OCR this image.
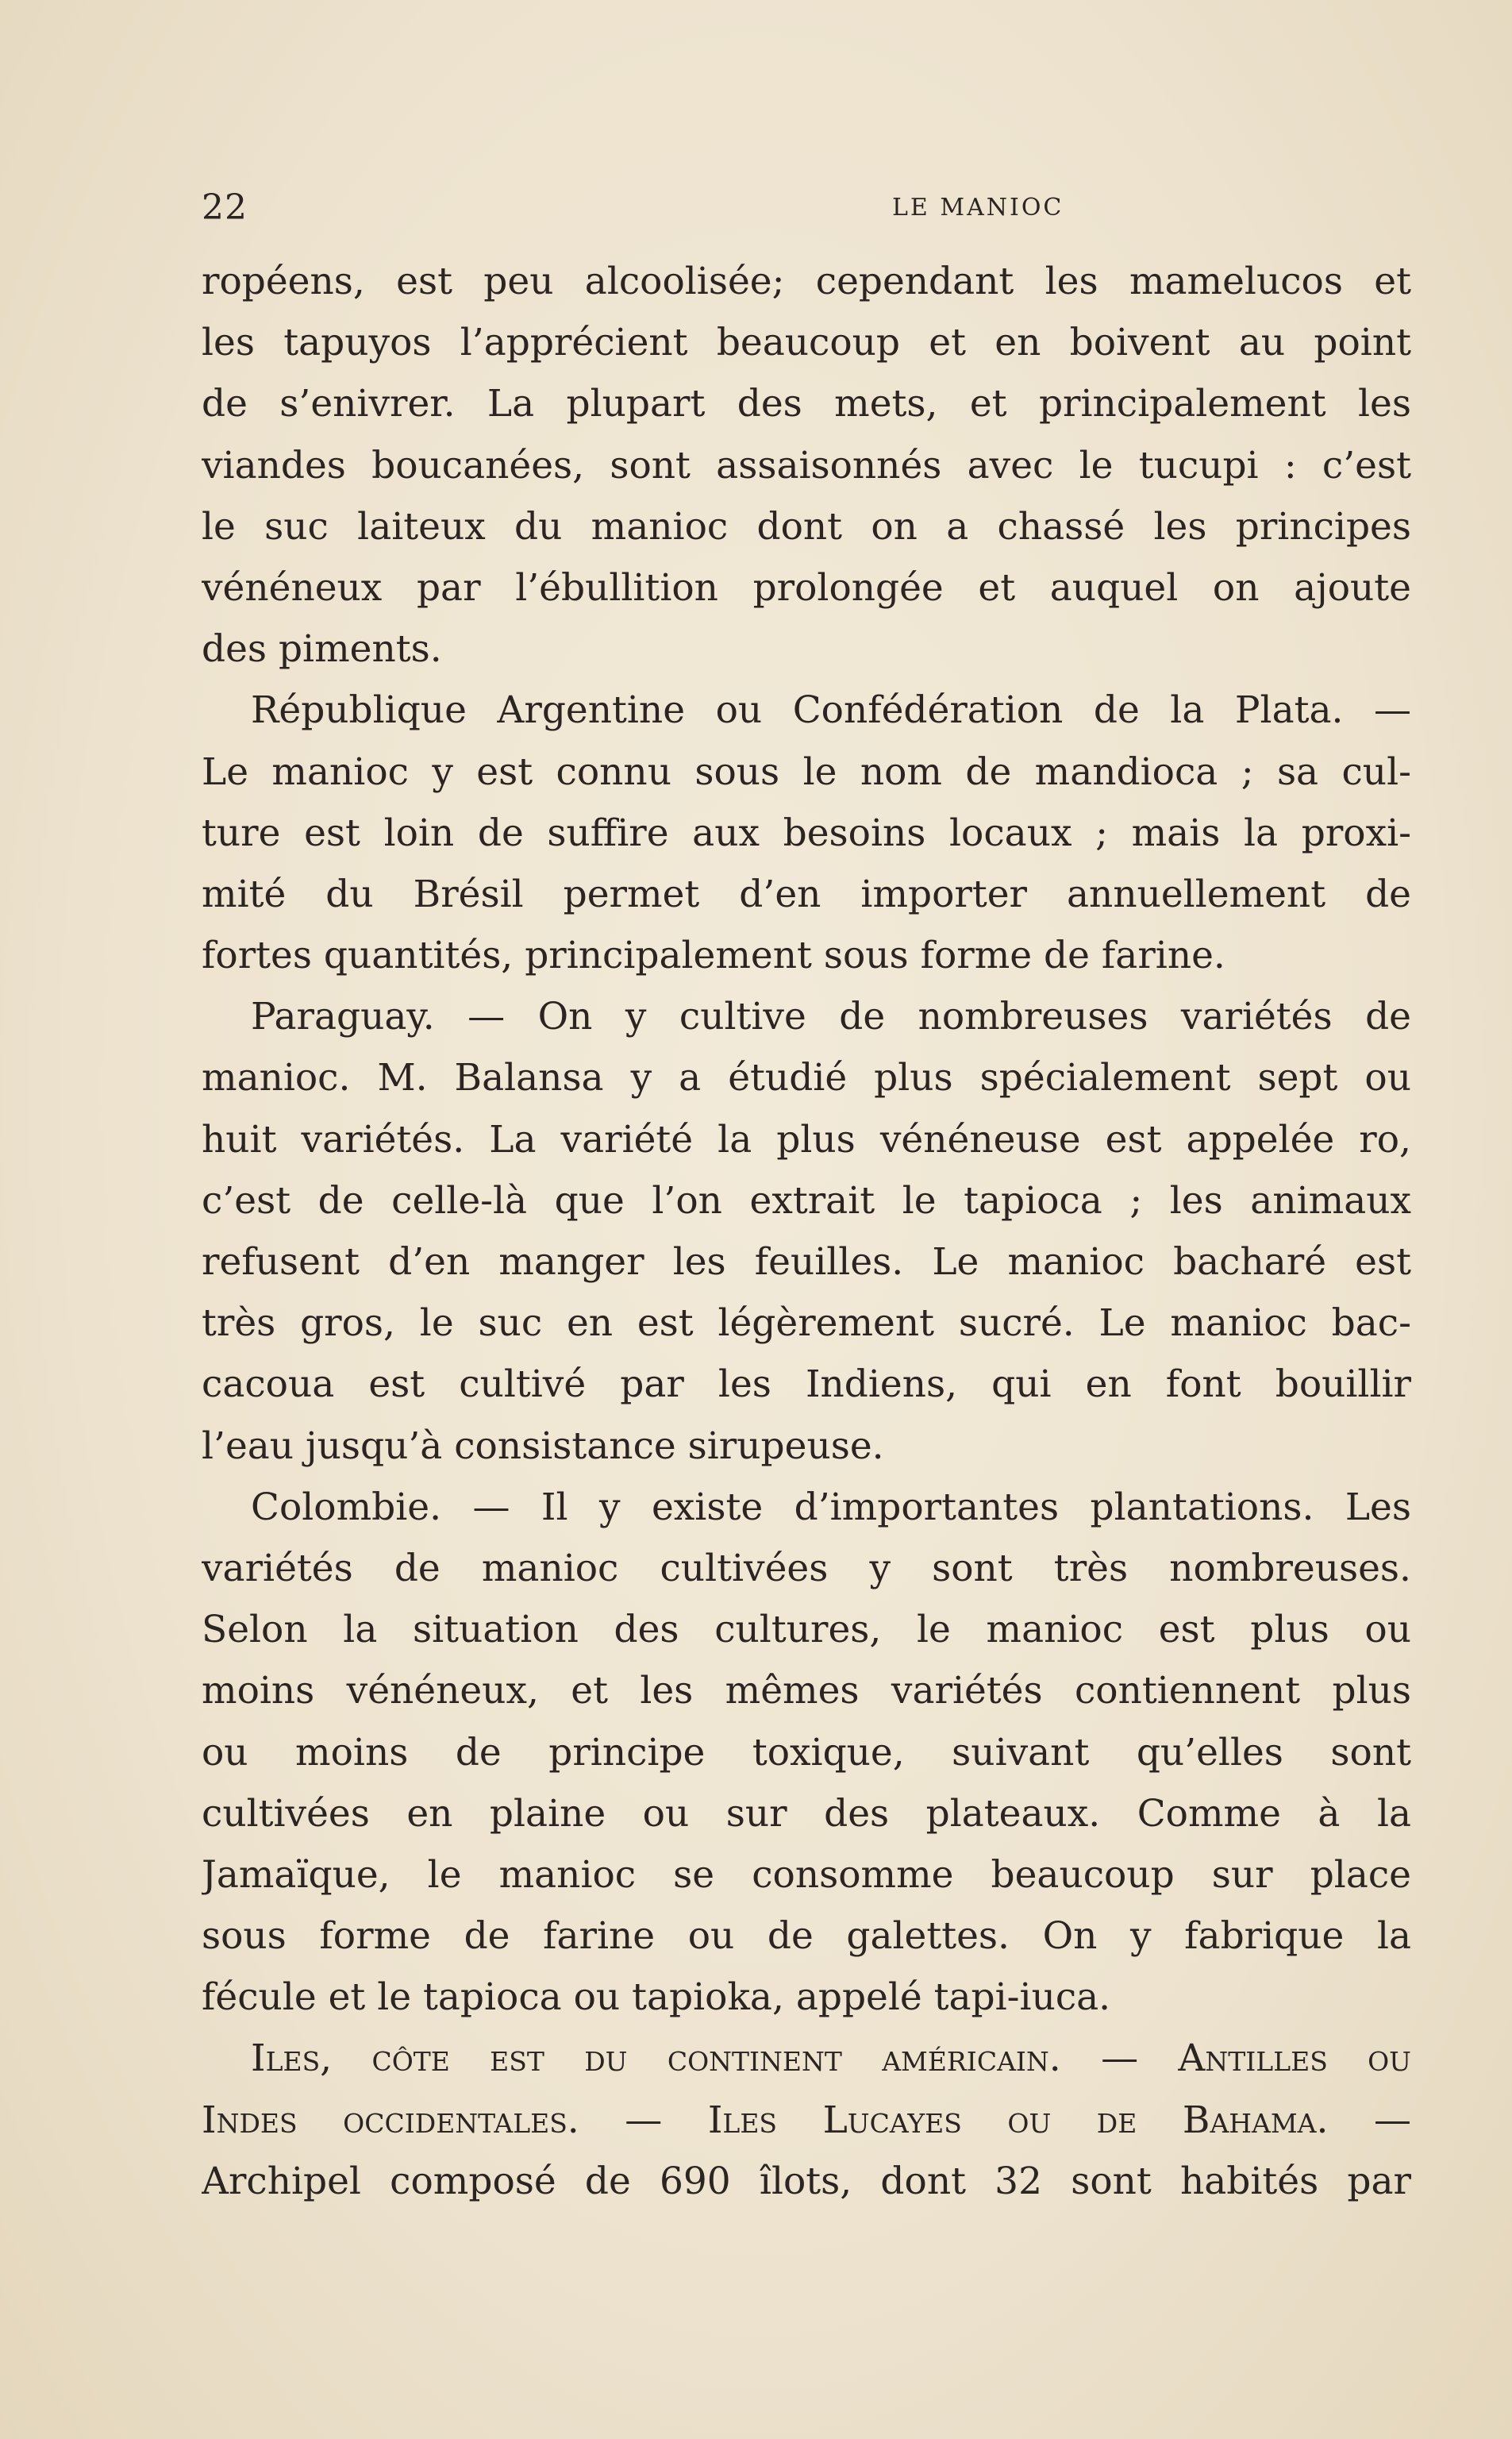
22	LE MANIOC
ropéens, est peu alcoolisée; cependant les mamelucos et
les tapuyos l’apprécient beaucoup et en boivent au point
de s’enivrer. La plupart des mets, et principalement les
viandes boucanées, sont assaisonnés avec le tucupi : c’est
le suc laiteux du manioc dont on a chassé les principes
vénéneux par l’ébullition prolongée et auquel on ajoute
des piments.
République Argentine ou Confédération de la Plata. —
Le manioc y est connu sous le nom de mandioca ; sa cul-
ture est loin de suffire aux besoins locaux ; mais la proxi-
mité du Brésil permet d’en importer annuellement de
fortes quantités, principalement sous forme de farine.
Paraguay. — On y cultive de nombreuses variétés de
manioc. M. Balansa y a étudié plus spécialement sept ou
huit variétés. La variété la plus vénéneuse est appelée ro,
c’est de celle-là que l’on extrait le tapioca ; les animaux
refusent d’en manger les feuilles. Le manioc bacharé est
très gros, le suc en est légèrement sucré. Le manioc bac-
cacoua est cultivé par les Indiens, qui en font bouillir
l’eau jusqu’à consistance sirupeuse.
Colombie. — Il y existe d’importantes plantations. Les
variétés de manioc cultivées y sont très nombreuses.
Selon la situation des cultures, le manioc est plus ou
moins vénéneux, et les mêmes variétés contiennent plus
ou moins de principe toxique, suivant qu’elles sont
cultivées en plaine ou sur des plateaux. Comme à la
Jamaïque, le manioc se consomme beaucoup sur place
sous forme de farine ou de galettes. On y fabrique la
fécule et le tapioca ou tapioka, appelé tapi-iuca.
Iles, côte est du continent américain. — Antilles ou
Indes occidentales. — Iles Lucayes ou de Bahama. —
Archipel composé de 690 îlots, dont 32 sont habités par
